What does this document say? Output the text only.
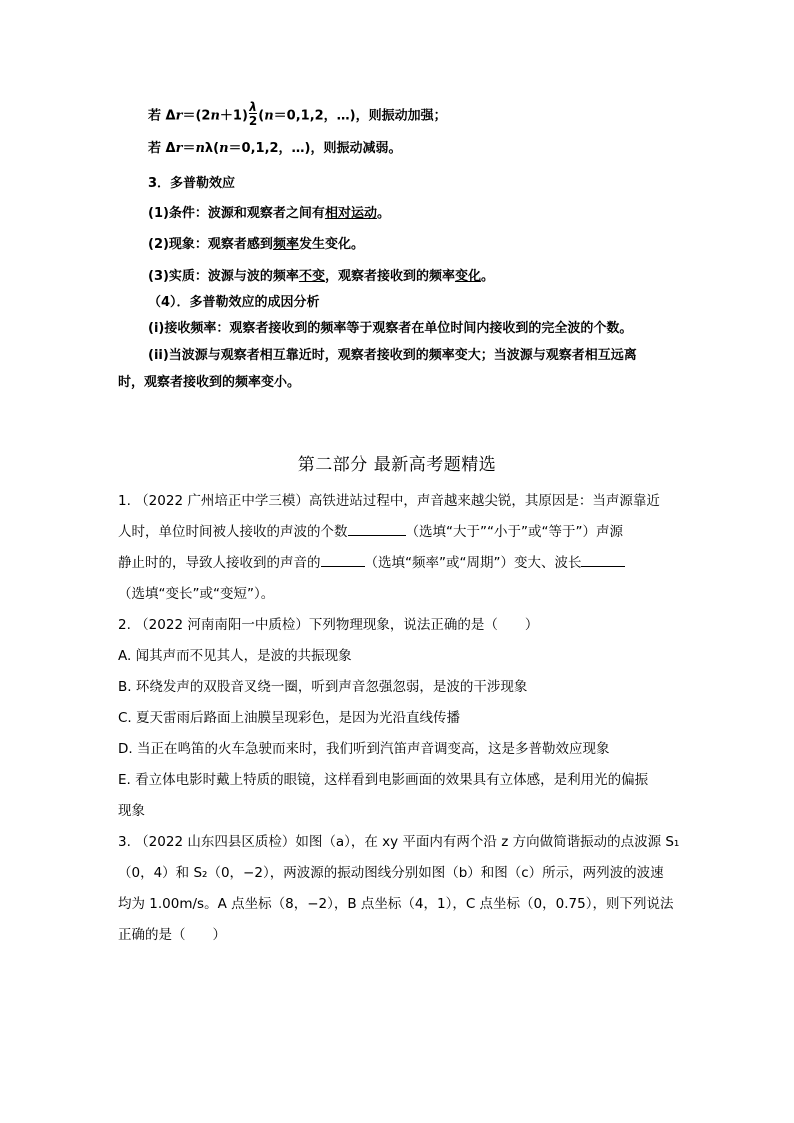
若 $\Delta r=(2n+1) \frac{\lambda}{2} (n=0,1,2$，…)，则振动加强；
若 Δr＝nλ(n＝0,1,2，…)，则振动减弱。
3．多普勒效应
(1)条件：波源和观察者之间有相对运动。
(2)现象：观察者感到频率发生变化。
(3)实质：波源与波的频率不变，观察者接收到的频率变化。
（4）．多普勒效应的成因分析
(i)接收频率：观察者接收到的频率等于观察者在单位时间内接收到的完全波的个数。
(ii)当波源与观察者相互靠近时，观察者接收到的频率变大；当波源与观察者相互远离
时，观察者接收到的频率变小。
第二部分 最新高考题精选
1. （2022 广州培正中学三模）高铁进站过程中，声音越来越尖锐，其原因是：当声源靠近
人时，单位时间被人接收的声波的个数	（选填“大于”“小于”或“等于”）声源
静止时的，导致人接收到的声音的	（选填“频率”或“周期”）变大、波长
（选填“变长”或“变短”）。
2. （2022 河南南阳一中质检）下列物理现象，说法正确的是（　　）
A. 闻其声而不见其人，是波的共振现象
B. 环绕发声的双股音叉绕一圈，听到声音忽强忽弱，是波的干涉现象
C. 夏天雷雨后路面上油膜呈现彩色，是因为光沿直线传播
D. 当正在鸣笛的火车急驶而来时，我们听到汽笛声音调变高，这是多普勒效应现象
E. 看立体电影时戴上特质的眼镜，这样看到电影画面的效果具有立体感，是利用光的偏振
现象
3. （2022 山东四县区质检）如图（a），在 xy 平面内有两个沿 z 方向做简谐振动的点波源 S₁
（0，4）和 S₂（0，−2），两波源的振动图线分别如图（b）和图（c）所示，两列波的波速
均为 1.00m/s。A 点坐标（8，−2），B 点坐标（4，1），C 点坐标（0，0.75），则下列说法
正确的是（　　）
